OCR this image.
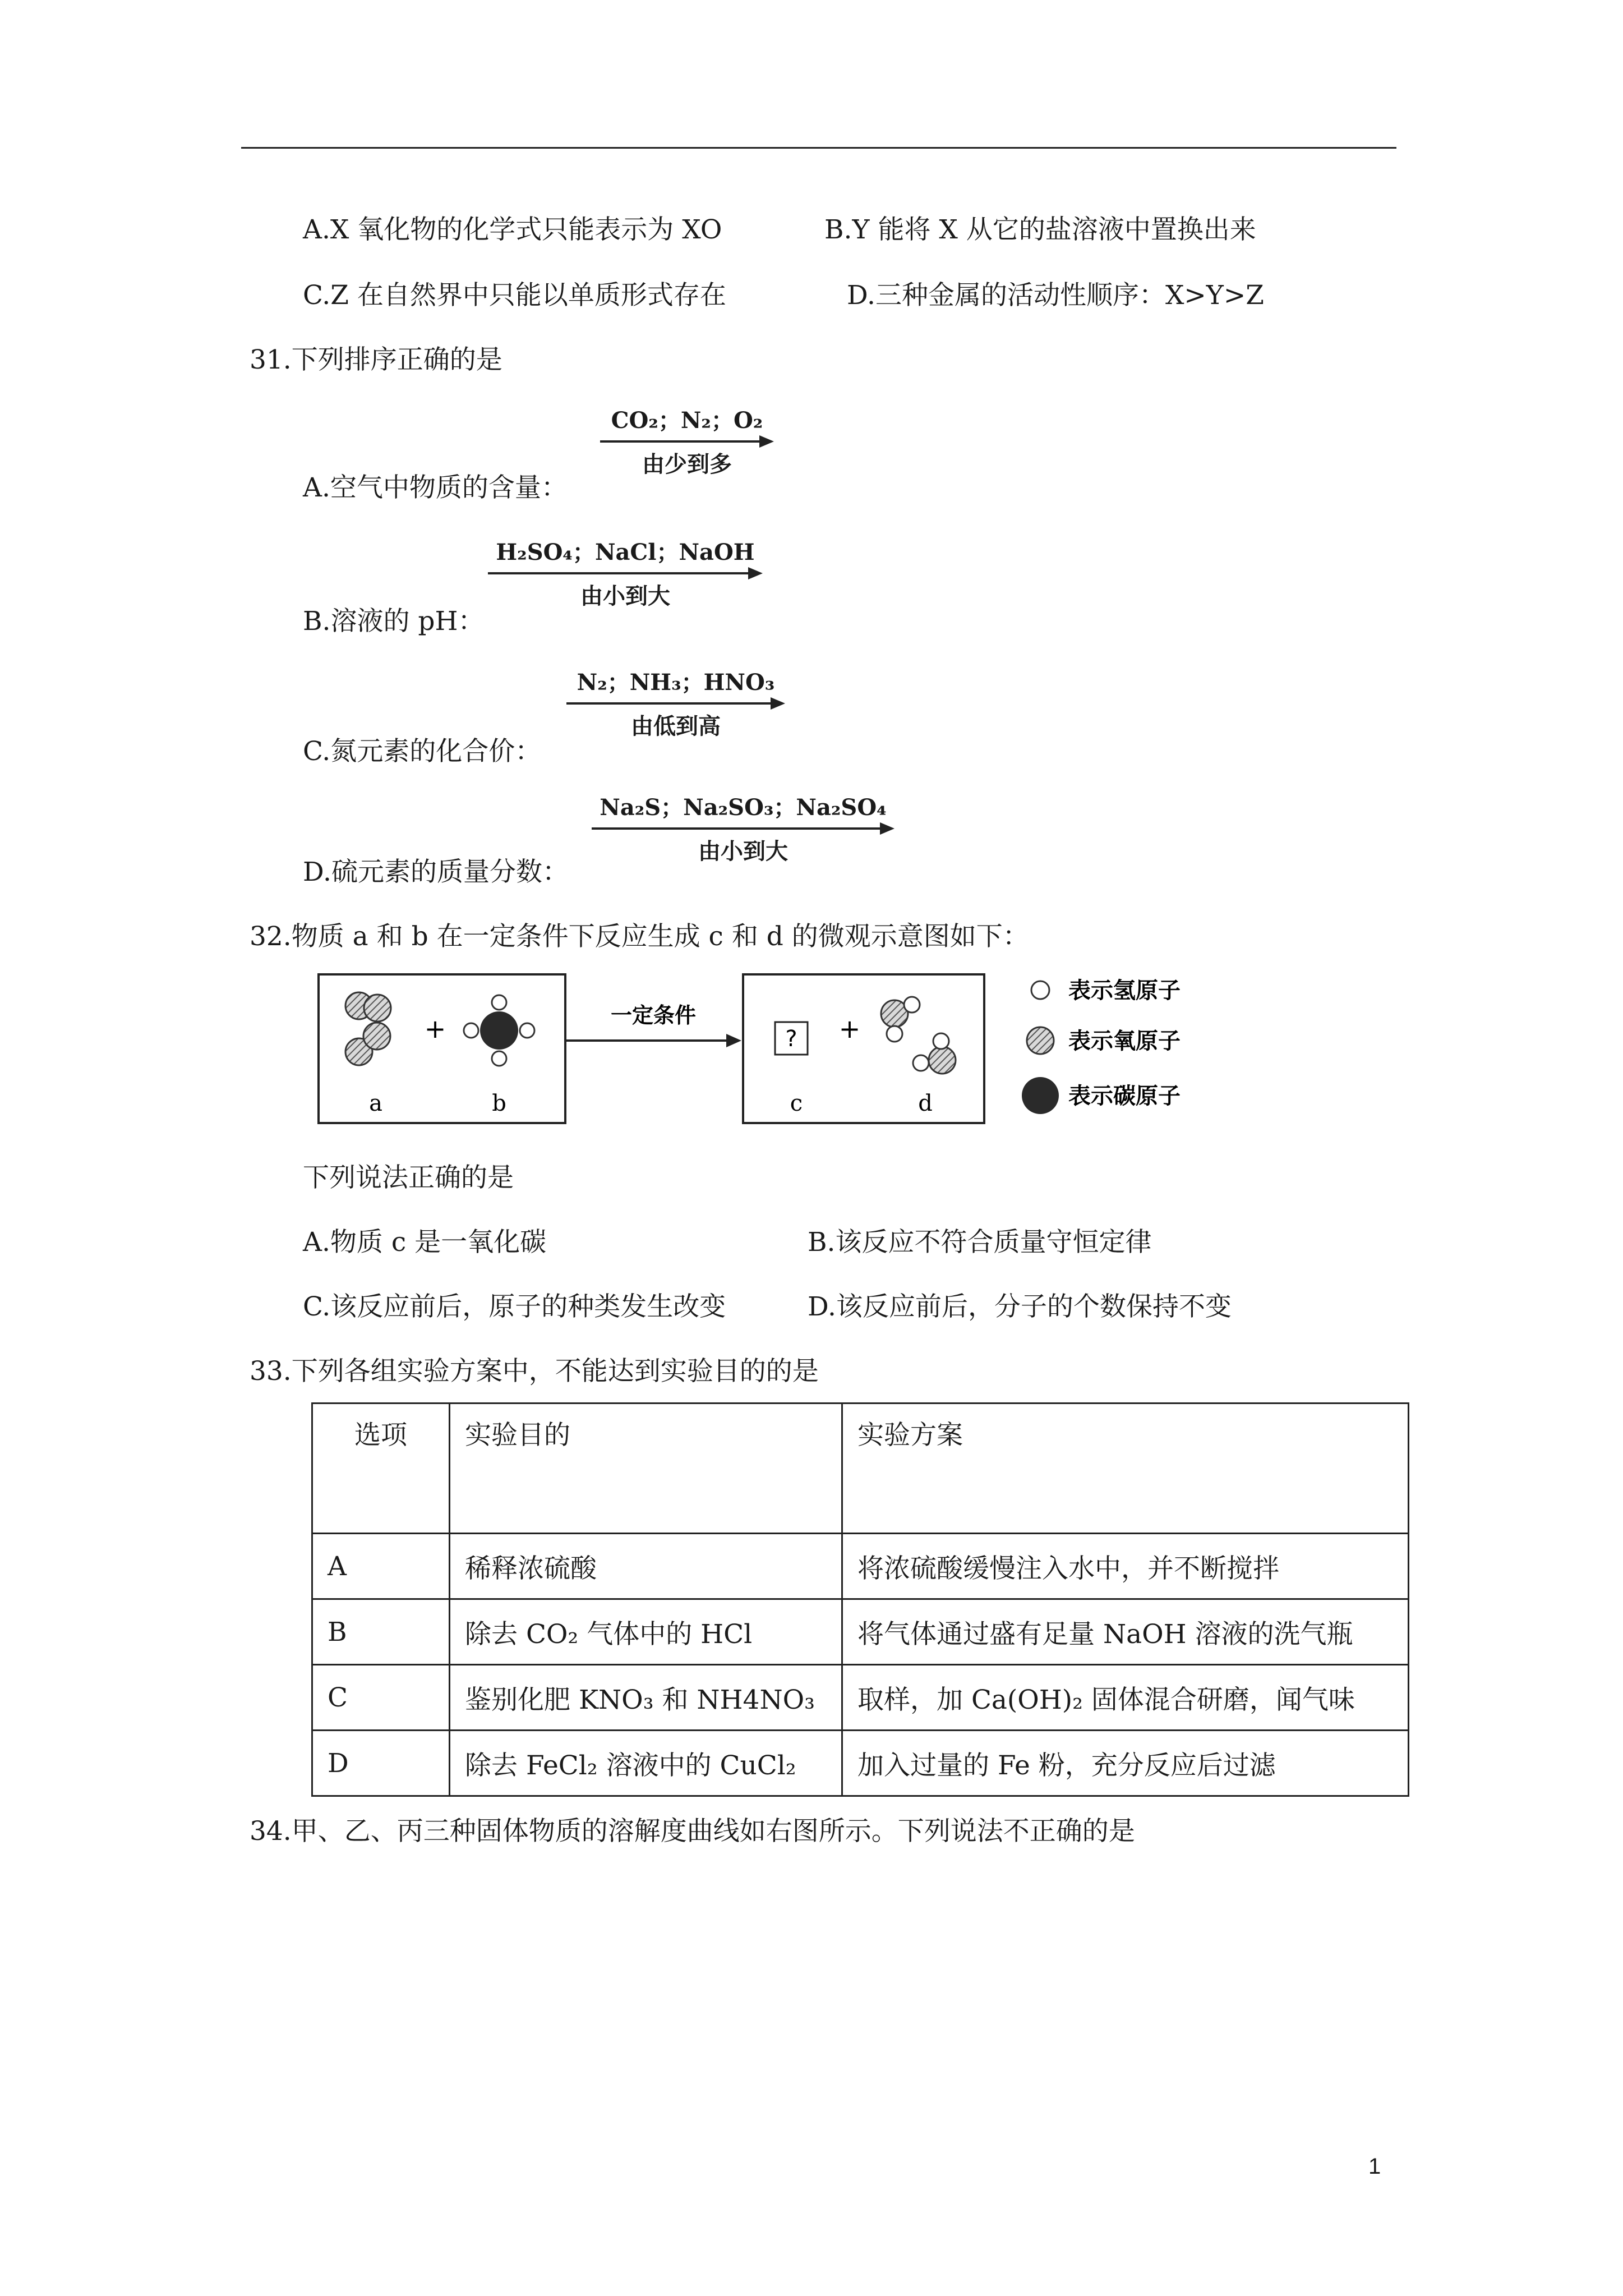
A.X 氧化物的化学式只能表示为 XO	B.Y 能将 X 从它的盐溶液中置换出来
C.Z 在自然界中只能以单质形式存在	D.三种金属的活动性顺序：X>Y>Z
31.下列排序正确的是
A.空气中物质的含量：
CO₂；N₂；O₂
由少到多
B.溶液的 pH：
H₂SO₄；NaCl；NaOH
由小到大
C.氮元素的化合价：
N₂；NH₃；HNO₃
由低到高
D.硫元素的质量分数：
Na₂S；Na₂SO₃；Na₂SO₄
由小到大
32.物质 a 和 b 在一定条件下反应生成 c 和 d 的微观示意图如下：
+
a	b
一定条件
? +
c	d
表示氢原子
表示氧原子
表示碳原子
下列说法正确的是
A.物质 c 是一氧化碳	B.该反应不符合质量守恒定律
C.该反应前后，原子的种类发生改变	D.该反应前后，分子的个数保持不变
33.下列各组实验方案中，不能达到实验目的的是
选项	实验目的	实验方案
A	稀释浓硫酸	将浓硫酸缓慢注入水中，并不断搅拌
B	除去 CO₂ 气体中的 HCl	将气体通过盛有足量 NaOH 溶液的洗气瓶
C	鉴别化肥 KNO₃ 和 NH4NO₃	取样，加 Ca(OH)₂ 固体混合研磨，闻气味
D	除去 FeCl₂ 溶液中的 CuCl₂	加入过量的 Fe 粉，充分反应后过滤
34.甲、乙、丙三种固体物质的溶解度曲线如右图所示。下列说法不正确的是
1
